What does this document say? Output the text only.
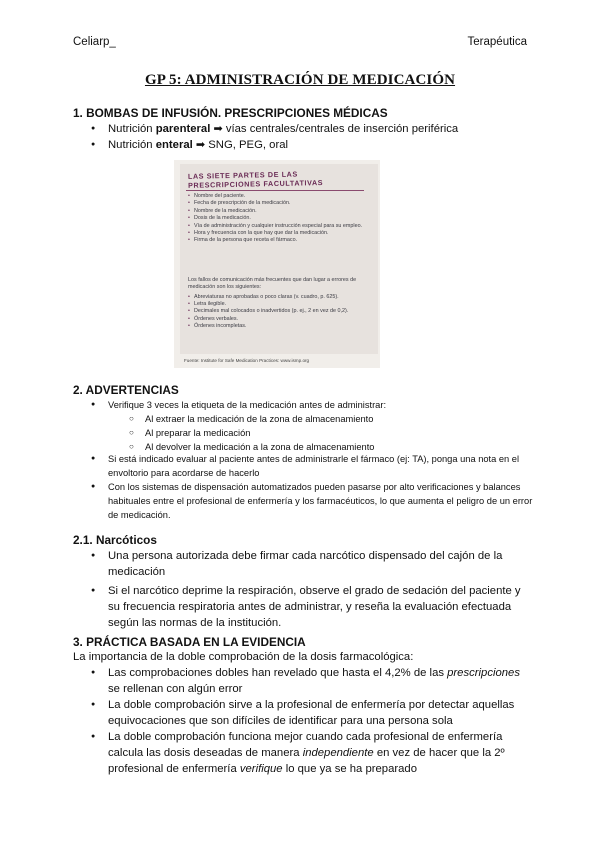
Celiarp_	Terapéutica
GP 5: ADMINISTRACIÓN DE MEDICACIÓN
1. BOMBAS DE INFUSIÓN. PRESCRIPCIONES MÉDICAS
● Nutrición parenteral ➡ vías centrales/centrales de inserción periférica
● Nutrición enteral ➡ SNG, PEG, oral
LAS SIETE PARTES DE LAS PRESCRIPCIONES FACULTATIVAS
• Nombre del paciente.
• Fecha de prescripción de la medicación.
• Nombre de la medicación.
• Dosis de la medicación.
• Vía de administración y cualquier instrucción especial para su empleo.
• Hora y frecuencia con la que hay que dar la medicación.
• Firma de la persona que receta el fármaco.
Los fallos de comunicación más frecuentes que dan lugar a errores de medicación son los siguientes:
• Abreviaturas no aprobadas o poco claras (v. cuadro, p. 625).
• Letra ilegible.
• Decimales mal colocados o inadvertidos (p. ej., 2 en vez de 0,2).
• Órdenes verbales.
• Órdenes incompletas.
Fuente: Institute for Safe Medication Practices: www.ismp.org
2. ADVERTENCIAS
● Verifique 3 veces la etiqueta de la medicación antes de administrar:
○ Al extraer la medicación de la zona de almacenamiento
○ Al preparar la medicación
○ Al devolver la medicación a la zona de almacenamiento
● Si está indicado evaluar al paciente antes de administrarle el fármaco (ej: TA), ponga una nota en el envoltorio para acordarse de hacerlo
● Con los sistemas de dispensación automatizados pueden pasarse por alto verificaciones y balances habituales entre el profesional de enfermería y los farmacéuticos, lo que aumenta el peligro de un error de medicación.
2.1. Narcóticos
● Una persona autorizada debe firmar cada narcótico dispensado del cajón de la medicación
● Si el narcótico deprime la respiración, observe el grado de sedación del paciente y su frecuencia respiratoria antes de administrar, y reseña la evaluación efectuada según las normas de la institución.
3. PRÁCTICA BASADA EN LA EVIDENCIA
La importancia de la doble comprobación de la dosis farmacológica:
● Las comprobaciones dobles han revelado que hasta el 4,2% de las prescripciones se rellenan con algún error
● La doble comprobación sirve a la profesional de enfermería por detectar aquellas equivocaciones que son difíciles de identificar para una persona sola
● La doble comprobación funciona mejor cuando cada profesional de enfermería calcula las dosis deseadas de manera independiente en vez de hacer que la 2º profesional de enfermería verifique lo que ya se ha preparado
